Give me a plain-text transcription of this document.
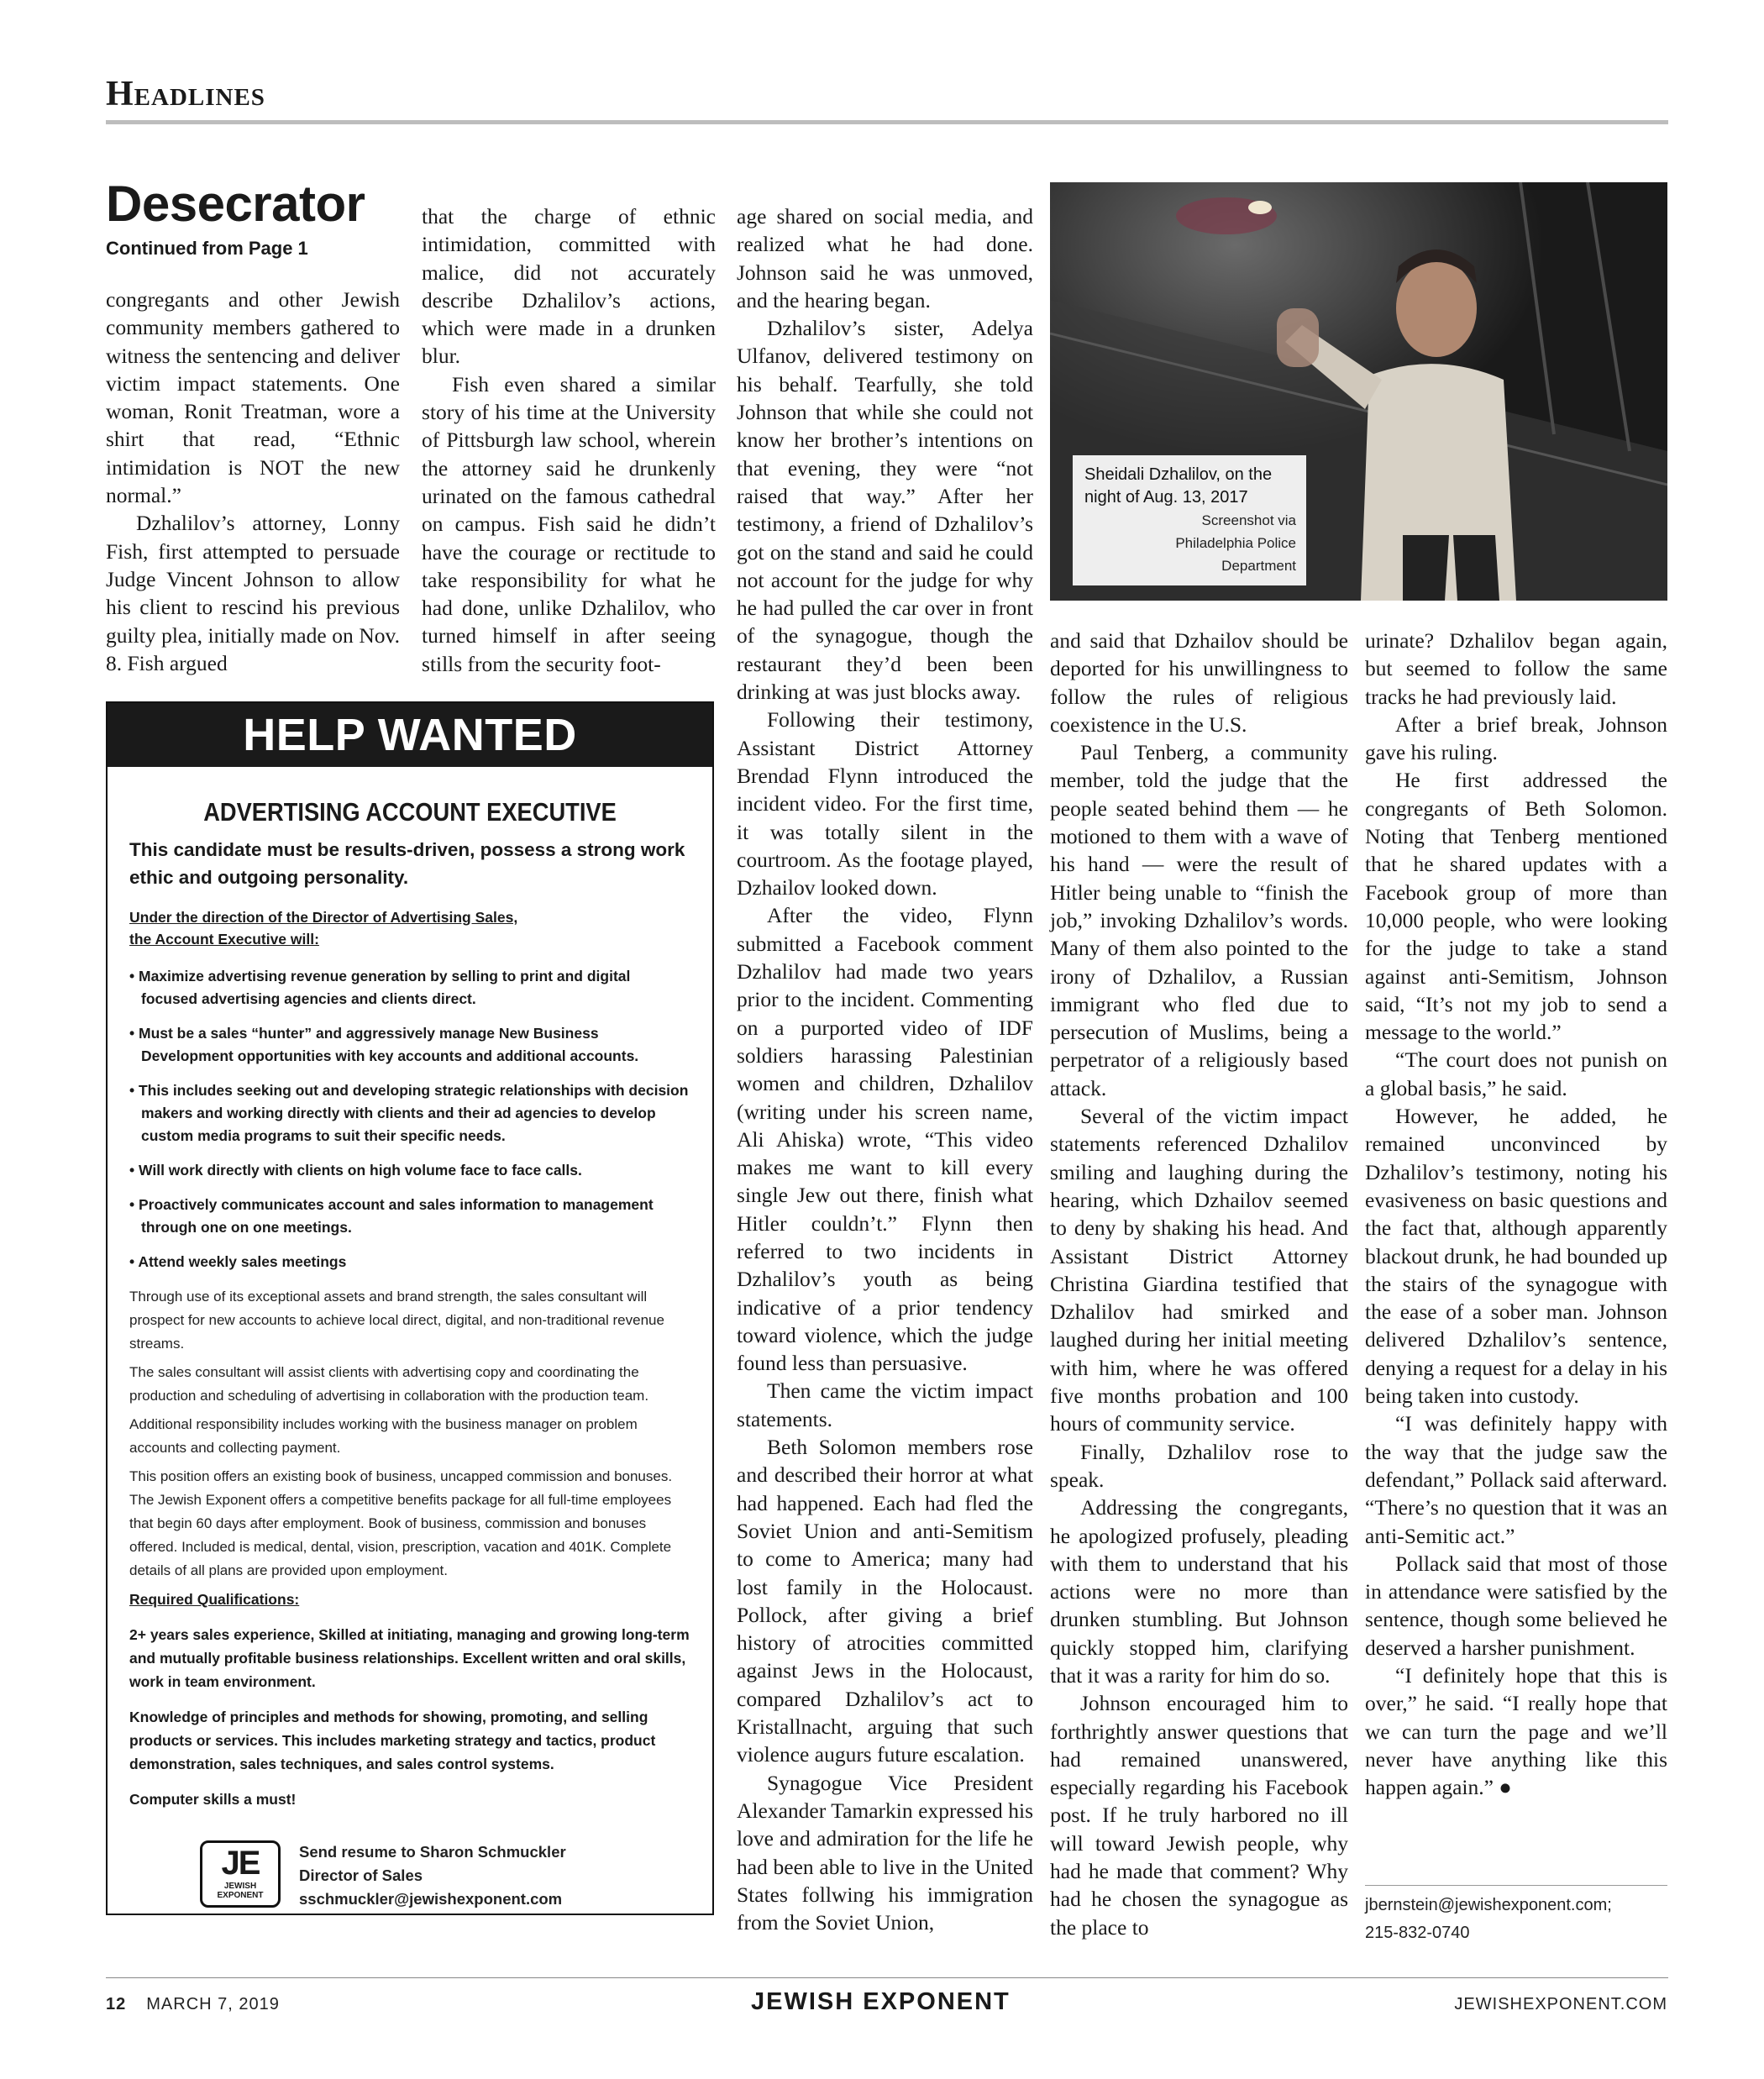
Headlines
Desecrator
Continued from Page 1

congregants and other Jewish community members gathered to witness the sentencing and deliver victim impact statements. One woman, Ronit Treatman, wore a shirt that read, “Ethnic intimidation is NOT the new normal.”

Dzhalilov’s attorney, Lonny Fish, first attempted to persuade Judge Vincent Johnson to allow his client to rescind his previous guilty plea, initially made on Nov. 8. Fish argued

that the charge of ethnic intimidation, committed with malice, did not accurately describe Dzhalilov’s actions, which were made in a drunken blur.

Fish even shared a similar story of his time at the University of Pittsburgh law school, wherein the attorney said he drunkenly urinated on the famous cathedral on campus. Fish said he didn’t have the courage or rectitude to take responsibility for what he had done, unlike Dzhalilov, who turned himself in after seeing stills from the security foot-

age shared on social media, and realized what he had done. Johnson said he was unmoved, and the hearing began.

Dzhalilov’s sister, Adelya Ulfanov, delivered testimony on his behalf. Tearfully, she told Johnson that while she could not know her brother’s intentions on that evening, they were “not raised that way.” After her testimony, a friend of Dzhalilov’s got on the stand and said he could not account for the judge for why he had pulled the car over in front of the synagogue, though the restaurant they’d been been drinking at was just blocks away.

Following their testimony, Assistant District Attorney Brendad Flynn introduced the incident video. For the first time, it was totally silent in the courtroom. As the footage played, Dzhailov looked down.

After the video, Flynn submitted a Facebook comment Dzhalilov had made two years prior to the incident. Commenting on a purported video of IDF soldiers harassing Palestinian women and children, Dzhalilov (writing under his screen name, Ali Ahiska) wrote, “This video makes me want to kill every single Jew out there, finish what Hitler couldn’t.” Flynn then referred to two incidents in Dzhalilov’s youth as being indicative of a prior tendency toward violence, which the judge found less than persuasive.

Then came the victim impact statements.

Beth Solomon members rose and described their horror at what had happened. Each had fled the Soviet Union and anti-Semitism to come to America; many had lost family in the Holocaust. Pollock, after giving a brief history of atrocities committed against Jews in the Holocaust, compared Dzhalilov’s act to Kristallnacht, arguing that such violence augurs future escalation.

Synagogue Vice President Alexander Tamarkin expressed his love and admiration for the life he had been able to live in the United States follwing his immigration from the Soviet Union,

Sheidali Dzhalilov, on the night of Aug. 13, 2017
Screenshot via
Philadelphia Police
Department

and said that Dzhailov should be deported for his unwillingness to follow the rules of religious coexistence in the U.S.

Paul Tenberg, a community member, told the judge that the people seated behind them — he motioned to them with a wave of his hand — were the result of Hitler being unable to “finish the job,” invoking Dzhalilov’s words. Many of them also pointed to the irony of Dzhalilov, a Russian immigrant who fled due to persecution of Muslims, being a perpetrator of a religiously based attack.

Several of the victim impact statements referenced Dzhalilov smiling and laughing during the hearing, which Dzhailov seemed to deny by shaking his head. And Assistant District Attorney Christina Giardina testified that Dzhalilov had smirked and laughed during her initial meeting with him, where he was offered five months probation and 100 hours of community service.

Finally, Dzhalilov rose to speak.

Addressing the congregants, he apologized profusely, pleading with them to understand that his actions were no more than drunken stumbling. But Johnson quickly stopped him, clarifying that it was a rarity for him do so.

Johnson encouraged him to forthrightly answer questions that had remained unanswered, especially regarding his Facebook post. If he truly harbored no ill will toward Jewish people, why had he made that comment? Why had he chosen the synagogue as the place to

urinate? Dzhalilov began again, but seemed to follow the same tracks he had previously laid.

After a brief break, Johnson gave his ruling.

He first addressed the congregants of Beth Solomon. Noting that Tenberg mentioned that he shared updates with a Facebook group of more than 10,000 people, who were looking for the judge to take a stand against anti-Semitism, Johnson said, “It’s not my job to send a message to the world.”

“The court does not punish on a global basis,” he said.

However, he added, he remained unconvinced by Dzhalilov’s testimony, noting his evasiveness on basic questions and the fact that, although apparently blackout drunk, he had bounded up the stairs of the synagogue with the ease of a sober man. Johnson delivered Dzhalilov’s sentence, denying a request for a delay in his being taken into custody.

“I was definitely happy with the way that the judge saw the defendant,” Pollack said afterward. “There’s no question that it was an anti-Semitic act.”

Pollack said that most of those in attendance were satisfied by the sentence, though some believed he deserved a harsher punishment.

“I definitely hope that this is over,” he said. “I really hope that we can turn the page and we’ll never have anything like this happen again.” ●

jbernstein@jewishexponent.com;
215-832-0740
HELP WANTED
ADVERTISING ACCOUNT EXECUTIVE
This candidate must be results-driven, possess a strong work ethic and outgoing personality.
Under the direction of the Director of Advertising Sales,
the Account Executive will:
• Maximize advertising revenue generation by selling to print and digital focused advertising agencies and clients direct.
• Must be a sales “hunter” and aggressively manage New Business Development opportunities with key accounts and additional accounts.
• This includes seeking out and developing strategic relationships with decision makers and working directly with clients and their ad agencies to develop custom media programs to suit their specific needs.
• Will work directly with clients on high volume face to face calls.
• Proactively communicates account and sales information to management through one on one meetings.
• Attend weekly sales meetings
Through use of its exceptional assets and brand strength, the sales consultant will prospect for new accounts to achieve local direct, digital, and non-traditional revenue streams.
The sales consultant will assist clients with advertising copy and coordinating the production and scheduling of advertising in collaboration with the production team.
Additional responsibility includes working with the business manager on problem accounts and collecting payment.
This position offers an existing book of business, uncapped commission and bonuses. The Jewish Exponent offers a competitive benefits package for all full-time employees that begin 60 days after employment. Book of business, commission and bonuses offered. Included is medical, dental, vision, prescription, vacation and 401K. Complete details of all plans are provided upon employment.
Required Qualifications:
2+ years sales experience, Skilled at initiating, managing and growing long-term and mutually profitable business relationships. Excellent written and oral skills, work in team environment.
Knowledge of principles and methods for showing, promoting, and selling products or services. This includes marketing strategy and tactics, product demonstration, sales techniques, and sales control systems.
Computer skills a must!
JE
JEWISH
EXPONENT
Send resume to Sharon Schmuckler
Director of Sales
sschmuckler@jewishexponent.com
12 MARCH 7, 2019	JEWISH EXPONENT	JEWISHEXPONENT.COM
